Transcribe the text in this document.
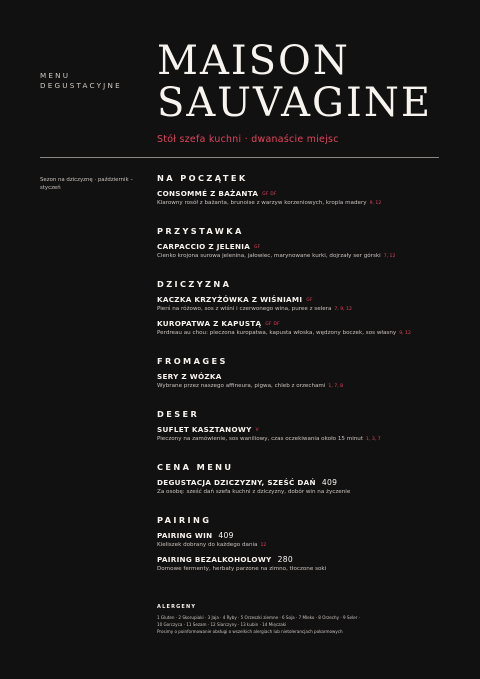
MENU
DEGUSTACYJNE
MAISON
SAUVAGINE
Stół szefa kuchni · dwanaście miejsc
Sezon na dziczyznę · październik – styczeń
NA POCZĄTEK
CONSOMMÉ Z BAŻANTA GF DF
Klarowny rosół z bażanta, brunoise z warzyw korzeniowych, kropla madery 9, 12
PRZYSTAWKA
CARPACCIO Z JELENIA GF
Cienko krojona surowa jelenina, jałowiec, marynowane kurki, dojrzały ser górski 7, 12
DZICZYZNA
KACZKA KRZYŻÓWKA Z WIŚNIAMI GF
Pierś na różowo, sos z wiśni i czerwonego wina, puree z selera 7, 9, 12
KUROPATWA Z KAPUSTĄ GF DF
Perdreau au chou: pieczona kuropatwa, kapusta włoska, wędzony boczek, sos własny 9, 12
FROMAGES
SERY Z WÓZKA
Wybrane przez naszego affineura, pigwa, chleb z orzechami 1, 7, 8
DESER
SUFLET KASZTANOWY V
Pieczony na zamówienie, sos waniliowy, czas oczekiwania około 15 minut 1, 3, 7
CENA MENU
DEGUSTACJA DZICZYZNY, SZEŚĆ DAŃ 409
Za osobę: sześć dań szefa kuchni z dziczyzny, dobór win na życzenie
PAIRING
PAIRING WIN 409
Kieliszek dobrany do każdego dania 12
PAIRING BEZALKOHOLOWY 280
Domowe fermenty, herbaty parzone na zimno, tłoczone soki
ALERGENY
1 Gluten · 2 Skorupiaki · 3 Jaja · 4 Ryby · 5 Orzeszki ziemne · 6 Soja · 7 Mleko · 8 Orzechy · 9 Seler ·
10 Gorczyca · 11 Sezam · 12 Siarczyny · 13 Łubin · 14 Mięczaki
Prosimy o poinformowanie obsługi o wszelkich alergiach lub nietolerancjach pokarmowych
